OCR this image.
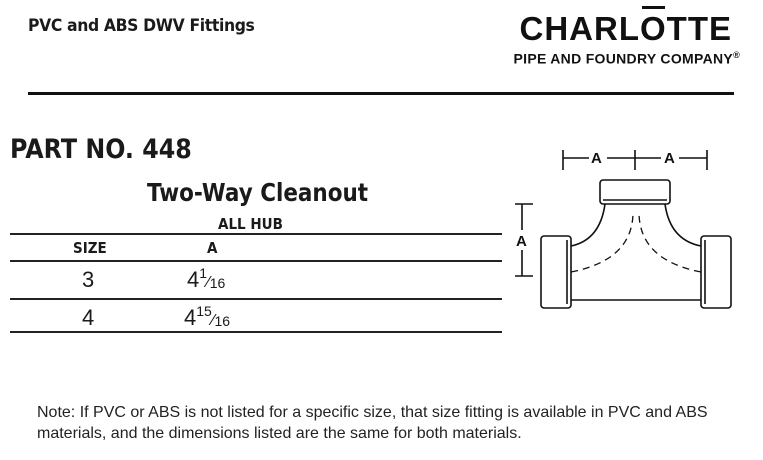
PVC and ABS DWV Fittings	CHARLOTTE
PIPE AND FOUNDRY COMPANY®
PART NO. 448
Two-Way Cleanout
ALL HUB
SIZE	A
3	$4^1⁄_{16}$
4	$4^{15}⁄_{16}$
A	A
A
Note: If PVC or ABS is not listed for a specific size, that size fitting is available in PVC and ABS materials, and the dimensions listed are the same for both materials.
